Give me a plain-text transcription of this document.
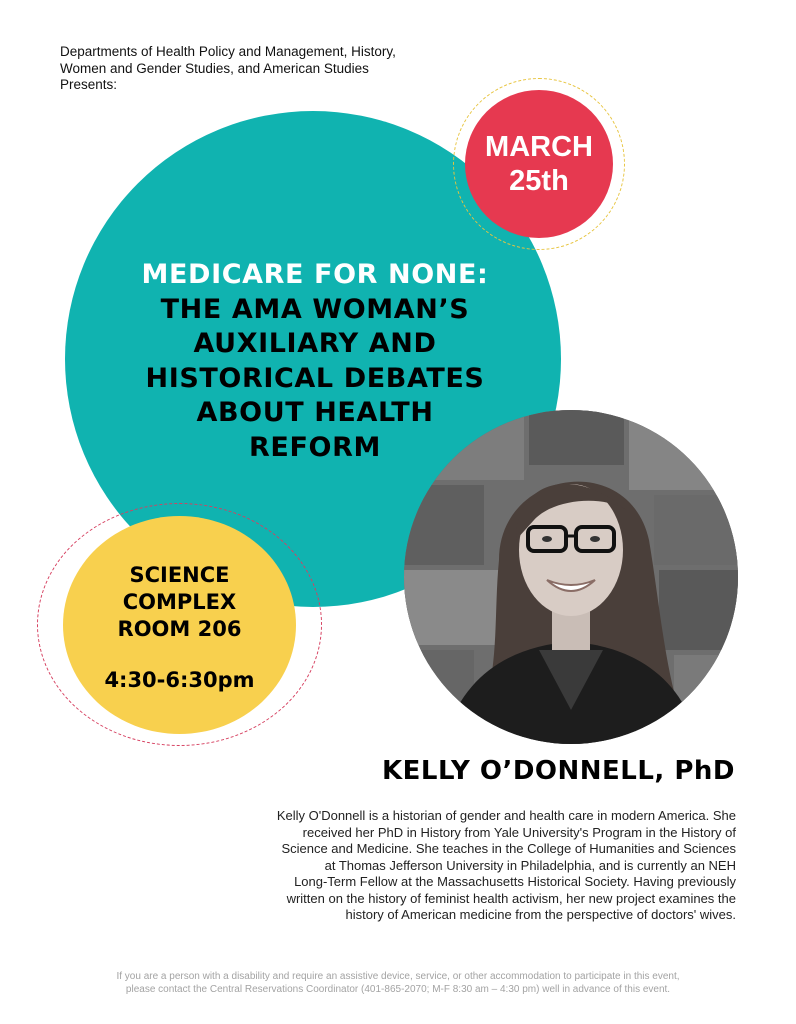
Departments of Health Policy and Management, History,
Women and Gender Studies, and American Studies
Presents:
MARCH
25th
MEDICARE FOR NONE:
THE AMA WOMAN’S
AUXILIARY AND
HISTORICAL DEBATES
ABOUT HEALTH
REFORM
SCIENCE
COMPLEX
ROOM 206
4:30-6:30pm
KELLY O’DONNELL, PhD
Kelly O'Donnell is a historian of gender and health care in modern America. She
received her PhD in History from Yale University's Program in the History of
Science and Medicine. She teaches in the College of Humanities and Sciences
at Thomas Jefferson University in Philadelphia, and is currently an NEH
Long-Term Fellow at the Massachusetts Historical Society. Having previously
written on the history of feminist health activism, her new project examines the
history of American medicine from the perspective of doctors' wives.
If you are a person with a disability and require an assistive device, service, or other accommodation to participate in this event,
please contact the Central Reservations Coordinator (401-865-2070; M-F 8:30 am – 4:30 pm) well in advance of this event.
